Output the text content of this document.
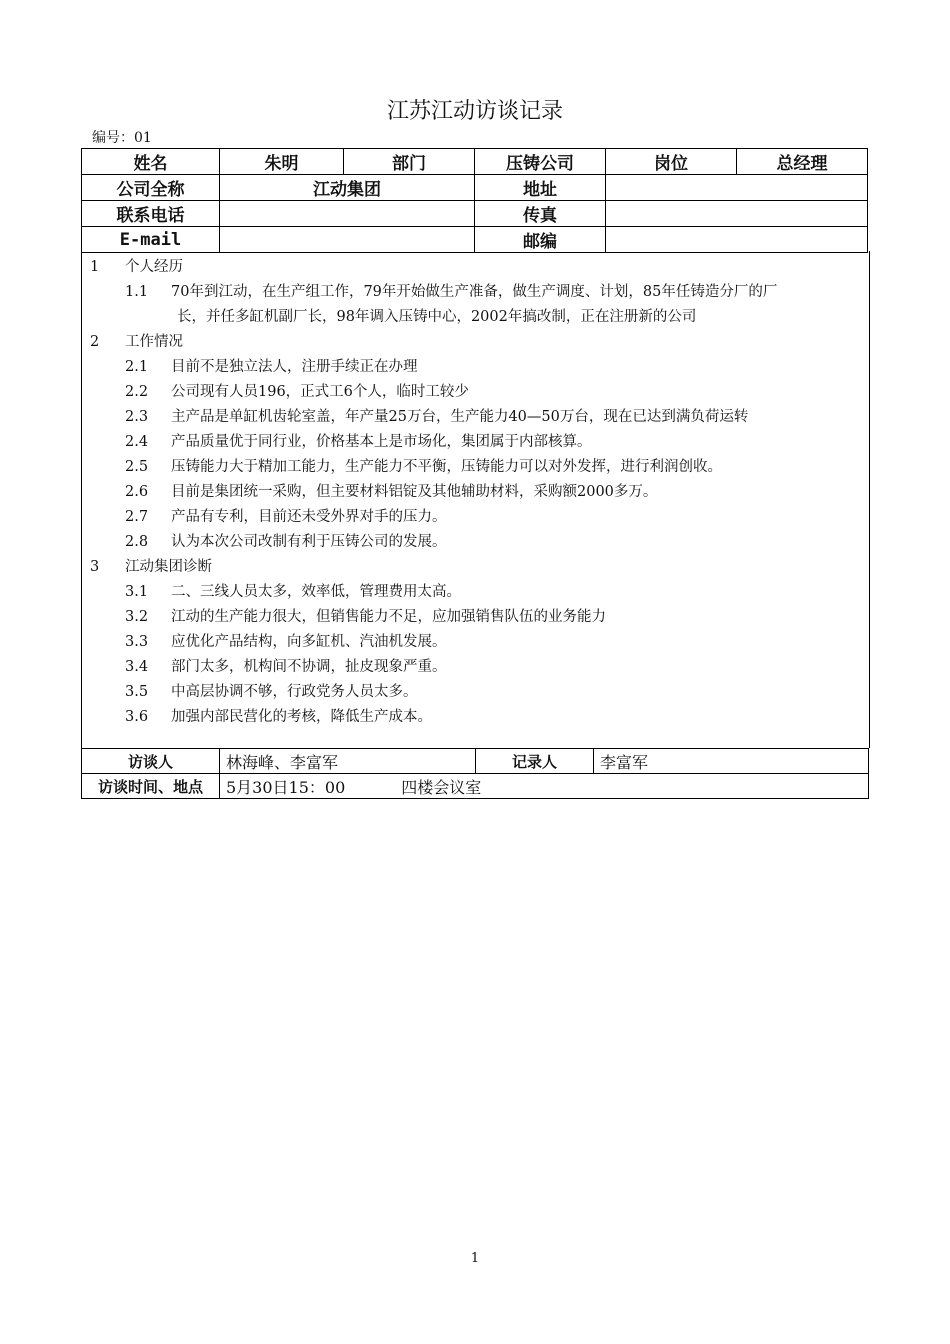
江苏江动访谈记录
编号：01
姓名	朱明	部门	压铸公司	岗位	总经理
公司全称	江动集团		地址		
联系电话			传真		
E-mail			邮编		
1 个人经历
1.1 70年到江动，在生产组工作，79年开始做生产准备，做生产调度、计划，85年任铸造分厂的厂
长，并任多缸机副厂长，98年调入压铸中心，2002年搞改制，正在注册新的公司
2 工作情况
2.1 目前不是独立法人，注册手续正在办理
2.2 公司现有人员196，正式工6个人，临时工较少
2.3 主产品是单缸机齿轮室盖，年产量25万台，生产能力40—50万台，现在已达到满负荷运转
2.4 产品质量优于同行业，价格基本上是市场化，集团属于内部核算。
2.5 压铸能力大于精加工能力，生产能力不平衡，压铸能力可以对外发挥，进行利润创收。
2.6 目前是集团统一采购，但主要材料铝锭及其他辅助材料，采购额2000多万。
2.7 产品有专利，目前还未受外界对手的压力。
2.8 认为本次公司改制有利于压铸公司的发展。
3 江动集团诊断
3.1 二、三线人员太多，效率低，管理费用太高。
3.2 江动的生产能力很大，但销售能力不足，应加强销售队伍的业务能力
3.3 应优化产品结构，向多缸机、汽油机发展。
3.4 部门太多，机构间不协调，扯皮现象严重。
3.5 中高层协调不够，行政党务人员太多。
3.6 加强内部民营化的考核，降低生产成本。
访谈人	林海峰、李富军	记录人	李富军
访谈时间、地点	5月30日15：00 四楼会议室		
1
